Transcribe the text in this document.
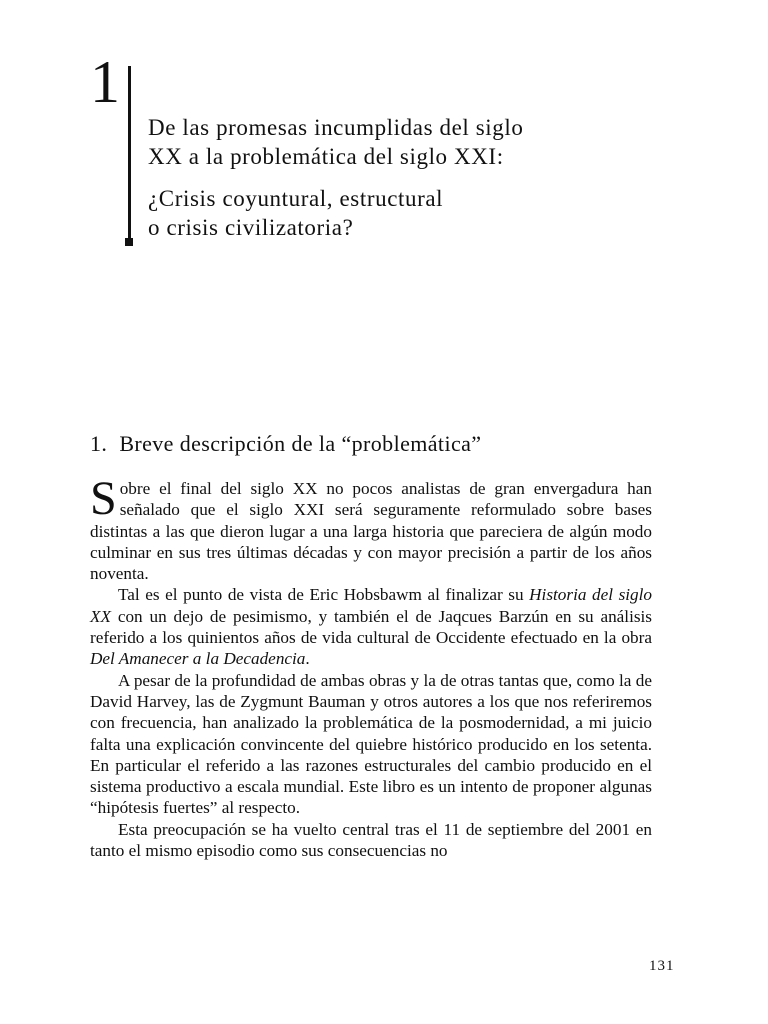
1

De las promesas incumplidas del siglo

XX a la problemática del siglo XXI:

¿Crisis coyuntural, estructural

o crisis civilizatoria?

1. Breve descripción de la “problemática”

Sobre el final del siglo XX no pocos analistas de gran envergadura han señalado que el siglo XXI será seguramente reformulado sobre bases distintas a las que dieron lugar a una larga historia que pareciera de algún modo culminar en sus tres últimas décadas y con mayor precisión a partir de los años noventa.

Tal es el punto de vista de Eric Hobsbawm al finalizar su Historia del siglo XX con un dejo de pesimismo, y también el de Jaqcues Barzún en su análisis referido a los quinientos años de vida cultural de Occidente efectuado en la obra Del Amanecer a la Decadencia.

A pesar de la profundidad de ambas obras y la de otras tantas que, como la de David Harvey, las de Zygmunt Bauman y otros autores a los que nos referiremos con frecuencia, han analizado la problemática de la posmodernidad, a mi juicio falta una explicación convincente del quiebre histórico producido en los setenta. En particular el referido a las razones estructurales del cambio producido en el sistema productivo a escala mundial. Este libro es un intento de proponer algunas “hipótesis fuertes” al respecto.

Esta preocupación se ha vuelto central tras el 11 de septiembre del 2001 en tanto el mismo episodio como sus consecuencias no

131
